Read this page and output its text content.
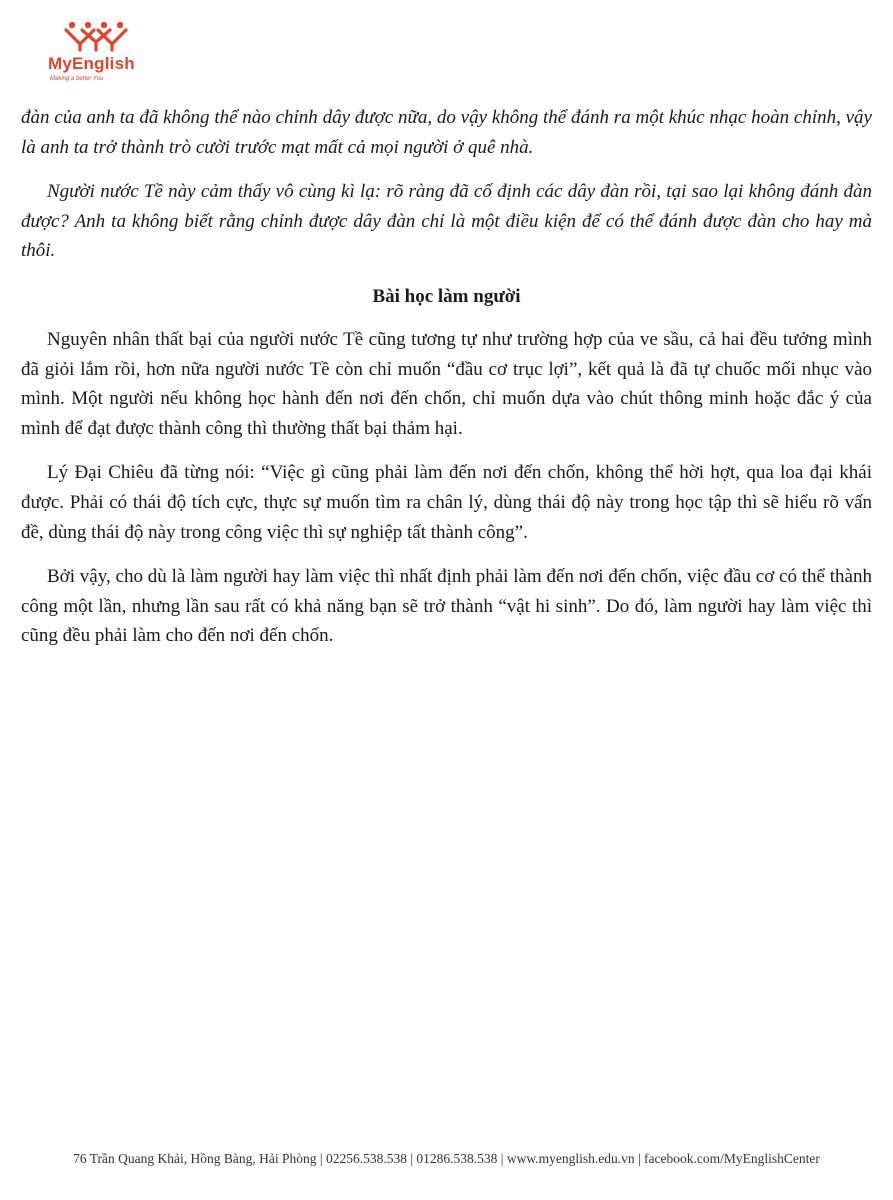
MyEnglish
Making a better You

đàn của anh ta đã không thể nào chỉnh dây được nữa, do vậy không thể đánh ra một khúc nhạc hoàn chỉnh, vậy là anh ta trở thành trò cười trước mạt mất cả mọi người ở quê nhà.

Người nước Tề này cảm thấy vô cùng kì lạ: rõ ràng đã cố định các dây đàn rồi, tại sao lại không đánh đàn được? Anh ta không biết rằng chỉnh được dây đàn chỉ là một điều kiện để có thể đánh được đàn cho hay mà thôi.

Bài học làm người

Nguyên nhân thất bại của người nước Tề cũng tương tự như trường hợp của ve sầu, cả hai đều tưởng mình đã giỏi lắm rồi, hơn nữa người nước Tề còn chỉ muốn “đầu cơ trục lợi”, kết quả là đã tự chuốc mối nhục vào mình. Một người nếu không học hành đến nơi đến chốn, chỉ muốn dựa vào chút thông minh hoặc đắc ý của mình để đạt được thành công thì thường thất bại thảm hại.

Lý Đại Chiêu đã từng nói: “Việc gì cũng phải làm đến nơi đến chốn, không thể hời hợt, qua loa đại khái được. Phải có thái độ tích cực, thực sự muốn tìm ra chân lý, dùng thái độ này trong học tập thì sẽ hiểu rõ vấn đề, dùng thái độ này trong công việc thì sự nghiệp tất thành công”.

Bởi vậy, cho dù là làm người hay làm việc thì nhất định phải làm đến nơi đến chốn, việc đầu cơ có thể thành công một lần, nhưng lần sau rất có khả năng bạn sẽ trở thành “vật hi sinh”. Do đó, làm người hay làm việc thì cũng đều phải làm cho đến nơi đến chốn.

76 Trần Quang Khải, Hồng Bàng, Hải Phòng | 02256.538.538 | 01286.538.538 | www.myenglish.edu.vn | facebook.com/MyEnglishCenter
